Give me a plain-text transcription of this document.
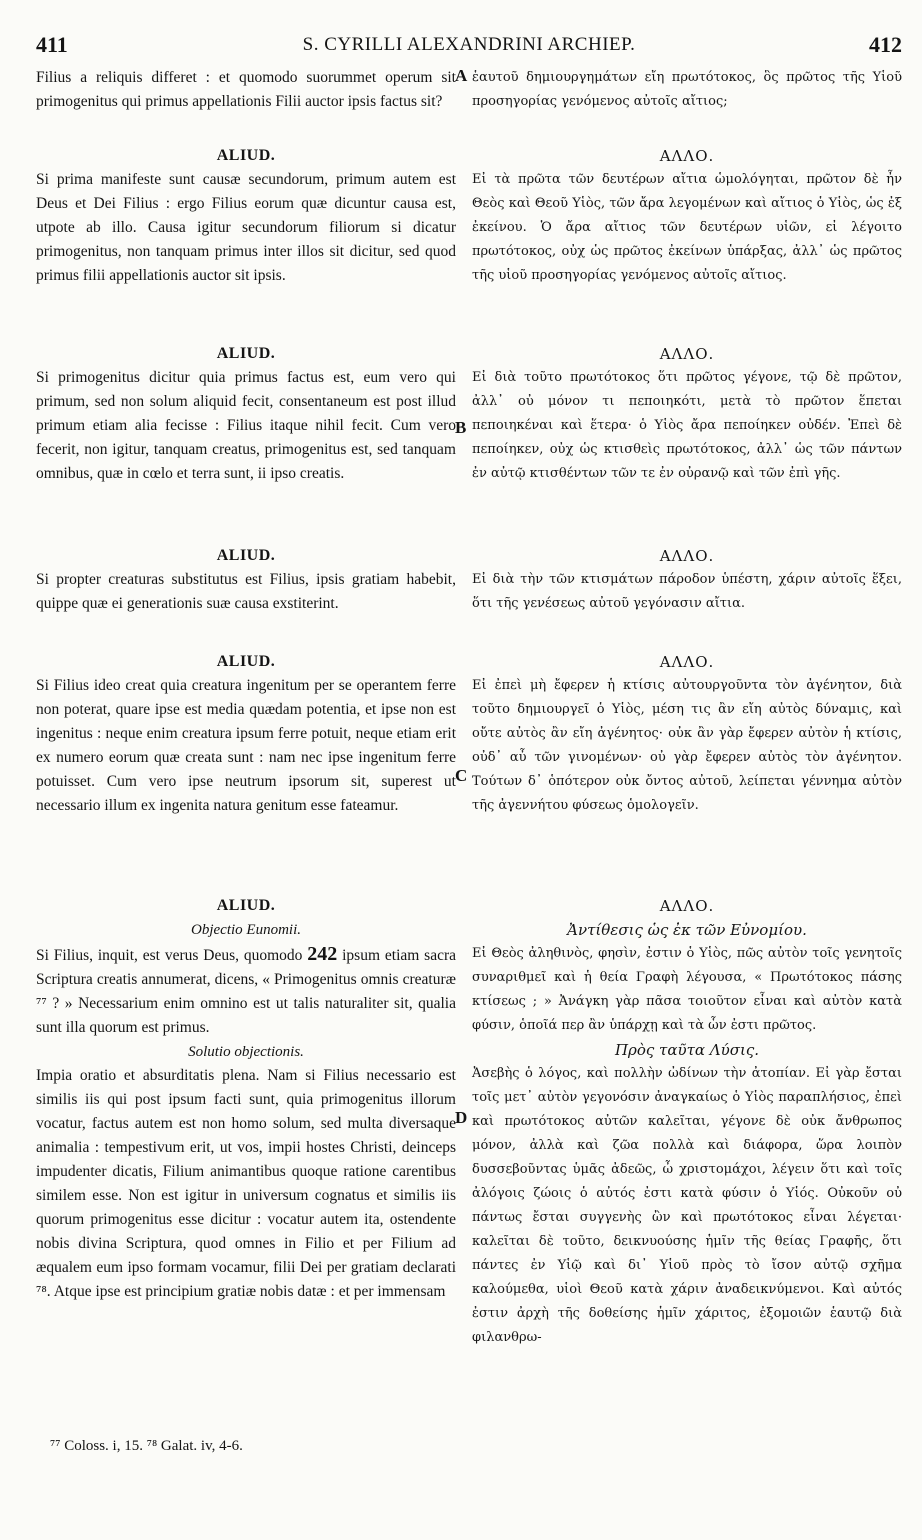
411	S. CYRILLI ALEXANDRINI ARCHIEP.	412
A
B
C
D

Filius a reliquis differet : et quomodo suorummet operum sit primogenitus qui primus appellationis Filii auctor ipsis factus sit?

ALIUD.

Si prima manifeste sunt causæ secundorum, primum autem est Deus et Dei Filius : ergo Filius eorum quæ dicuntur causa est, utpote ab illo. Causa igitur secundorum filiorum si dicatur primogenitus, non tanquam primus inter illos sit dicitur, sed quod primus filii appellationis auctor sit ipsis.

ALIUD.

Si primogenitus dicitur quia primus factus est, eum vero qui primum, sed non solum aliquid fecit, consentaneum est post illud primum etiam alia fecisse : Filius itaque nihil fecit. Cum vero fecerit, non igitur, tanquam creatus, primogenitus est, sed tanquam omnibus, quæ in cœlo et terra sunt, ii ipso creatis.

ALIUD.

Si propter creaturas substitutus est Filius, ipsis gratiam habebit, quippe quæ ei generationis suæ causa exstiterint.

ALIUD.

Si Filius ideo creat quia creatura ingenitum per se operantem ferre non poterat, quare ipse est media quædam potentia, et ipse non est ingenitus : neque enim creatura ipsum ferre potuit, neque etiam erit ex numero eorum quæ creata sunt : nam nec ipse ingenitum ferre potuisset. Cum vero ipse neutrum ipsorum sit, superest ut necessario illum ex ingenita natura genitum esse fateamur.

ALIUD.

Objectio Eunomii.

Si Filius, inquit, est verus Deus, quomodo 242 ipsum etiam sacra Scriptura creatis annumerat, dicens, « Primogenitus omnis creaturæ ⁷⁷ ? » Necessarium enim omnino est ut talis naturaliter sit, qualia sunt illa quorum est primus.

Solutio objectionis.

Impia oratio et absurditatis plena. Nam si Filius necessario est similis iis qui post ipsum facti sunt, quia primogenitus illorum vocatur, factus autem est non homo solum, sed multa diversaque animalia : tempestivum erit, ut vos, impii hostes Christi, deinceps impudenter dicatis, Filium animantibus quoque ratione carentibus similem esse. Non est igitur in universum cognatus et similis iis quorum primogenitus esse dicitur : vocatur autem ita, ostendente nobis divina Scriptura, quod omnes in Filio et per Filium ad æqualem eum ipso formam vocamur, filii Dei per gratiam declarati ⁷⁸. Atque ipse est principium gratiæ nobis datæ : et per immensam

ἑαυτοῦ δημιουργημάτων εἴη πρωτότοκος, ὃς πρῶτος τῆς Υἱοῦ προσηγορίας γενόμενος αὐτοῖς αἴτιος;

ΑΛΛΟ.

Εἰ τὰ πρῶτα τῶν δευτέρων αἴτια ὡμολόγηται, πρῶτον δὲ ἦν Θεὸς καὶ Θεοῦ Υἱὸς, τῶν ἄρα λεγομένων καὶ αἴτιος ὁ Υἱὸς, ὡς ἐξ ἐκείνου. Ὁ ἄρα αἴτιος τῶν δευτέρων υἱῶν, εἰ λέγοιτο πρωτότοκος, οὐχ ὡς πρῶτος ἐκείνων ὑπάρξας, ἀλλ᾽ ὡς πρῶτος τῆς υἱοῦ προσηγορίας γενόμενος αὐτοῖς αἴτιος.

ΑΛΛΟ.

Εἰ διὰ τοῦτο πρωτότοκος ὅτι πρῶτος γέγονε, τῷ δὲ πρῶτον, ἀλλ᾽ οὐ μόνον τι πεποιηκότι, μετὰ τὸ πρῶτον ἕπεται πεποιηκέναι καὶ ἕτερα· ὁ Υἱὸς ἄρα πεποίηκεν οὐδέν. Ἐπεὶ δὲ πεποίηκεν, οὐχ ὡς κτισθεὶς πρωτότοκος, ἀλλ᾽ ὡς τῶν πάντων ἐν αὐτῷ κτισθέντων τῶν τε ἐν οὐρανῷ καὶ τῶν ἐπὶ γῆς.

ΑΛΛΟ.

Εἰ διὰ τὴν τῶν κτισμάτων πάροδον ὑπέστη, χάριν αὐτοῖς ἕξει, ὅτι τῆς γενέσεως αὐτοῦ γεγόνασιν αἴτια.

ΑΛΛΟ.

Εἰ ἐπεὶ μὴ ἔφερεν ἡ κτίσις αὐτουργοῦντα τὸν ἀγένητον, διὰ τοῦτο δημιουργεῖ ὁ Υἱὸς, μέση τις ἂν εἴη αὐτὸς δύναμις, καὶ οὔτε αὐτὸς ἂν εἴη ἀγένητος· οὐκ ἂν γὰρ ἔφερεν αὐτὸν ἡ κτίσις, οὐδ᾽ αὖ τῶν γινομένων· οὐ γὰρ ἔφερεν αὐτὸς τὸν ἀγένητον. Τούτων δ᾽ ὁπότερον οὐκ ὄντος αὐτοῦ, λείπεται γέννημα αὐτὸν τῆς ἀγεννήτου φύσεως ὁμολογεῖν.

ΑΛΛΟ.

Ἀντίθεσις ὡς ἐκ τῶν Εὐνομίου.

Εἰ Θεὸς ἀληθινὸς, φησὶν, ἐστιν ὁ Υἱὸς, πῶς αὐτὸν τοῖς γενητοῖς συναριθμεῖ καὶ ἡ θεία Γραφὴ λέγουσα, « Πρωτότοκος πάσης κτίσεως ; » Ἀνάγκη γὰρ πᾶσα τοιοῦτον εἶναι καὶ αὐτὸν κατὰ φύσιν, ὁποῖά περ ἂν ὑπάρχῃ καὶ τὰ ὧν ἐστι πρῶτος.

Πρὸς ταῦτα Λύσις.

Ἀσεβὴς ὁ λόγος, καὶ πολλὴν ὠδίνων τὴν ἀτοπίαν. Εἰ γὰρ ἔσται τοῖς μετ᾽ αὐτὸν γεγονόσιν ἀναγκαίως ὁ Υἱὸς παραπλήσιος, ἐπεὶ καὶ πρωτότοκος αὐτῶν καλεῖται, γέγονε δὲ οὐκ ἄνθρωπος μόνον, ἀλλὰ καὶ ζῶα πολλὰ καὶ διάφορα, ὥρα λοιπὸν δυσσεβοῦντας ὑμᾶς ἀδεῶς, ὦ χριστομάχοι, λέγειν ὅτι καὶ τοῖς ἀλόγοις ζώοις ὁ αὐτός ἐστι κατὰ φύσιν ὁ Υἱός. Οὐκοῦν οὐ πάντως ἔσται συγγενὴς ὢν καὶ πρωτότοκος εἶναι λέγεται· καλεῖται δὲ τοῦτο, δεικνυούσης ἡμῖν τῆς θείας Γραφῆς, ὅτι πάντες ἐν Υἱῷ καὶ δι᾽ Υἱοῦ πρὸς τὸ ἴσον αὐτῷ σχῆμα καλούμεθα, υἱοὶ Θεοῦ κατὰ χάριν ἀναδεικνύμενοι. Καὶ αὐτός ἐστιν ἀρχὴ τῆς δοθείσης ἡμῖν χάριτος, ἐξομοιῶν ἑαυτῷ διὰ φιλανθρω-

⁷⁷ Coloss. i, 15. ⁷⁸ Galat. iv, 4-6.
